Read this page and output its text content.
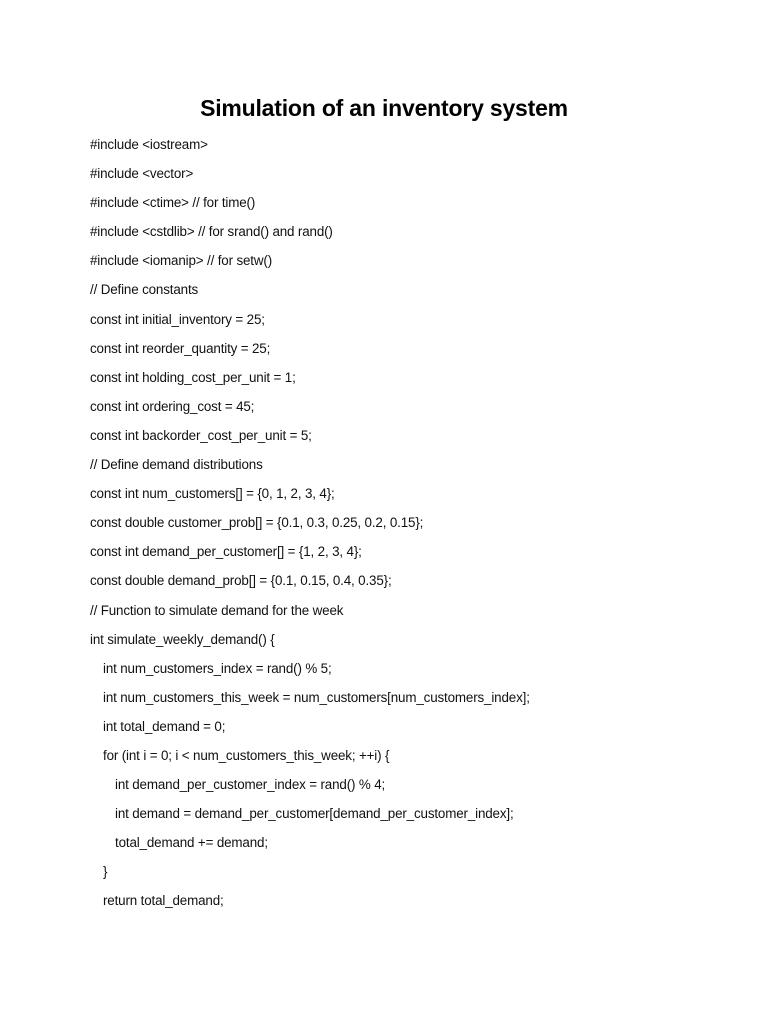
Simulation of an inventory system
#include <iostream>
#include <vector>
#include <ctime> // for time()
#include <cstdlib> // for srand() and rand()
#include <iomanip> // for setw()
// Define constants
const int initial_inventory = 25;
const int reorder_quantity = 25;
const int holding_cost_per_unit = 1;
const int ordering_cost = 45;
const int backorder_cost_per_unit = 5;
// Define demand distributions
const int num_customers[] = {0, 1, 2, 3, 4};
const double customer_prob[] = {0.1, 0.3, 0.25, 0.2, 0.15};
const int demand_per_customer[] = {1, 2, 3, 4};
const double demand_prob[] = {0.1, 0.15, 0.4, 0.35};
// Function to simulate demand for the week
int simulate_weekly_demand() {
int num_customers_index = rand() % 5;
int num_customers_this_week = num_customers[num_customers_index];
int total_demand = 0;
for (int i = 0; i < num_customers_this_week; ++i) {
int demand_per_customer_index = rand() % 4;
int demand = demand_per_customer[demand_per_customer_index];
total_demand += demand;
}
return total_demand;
